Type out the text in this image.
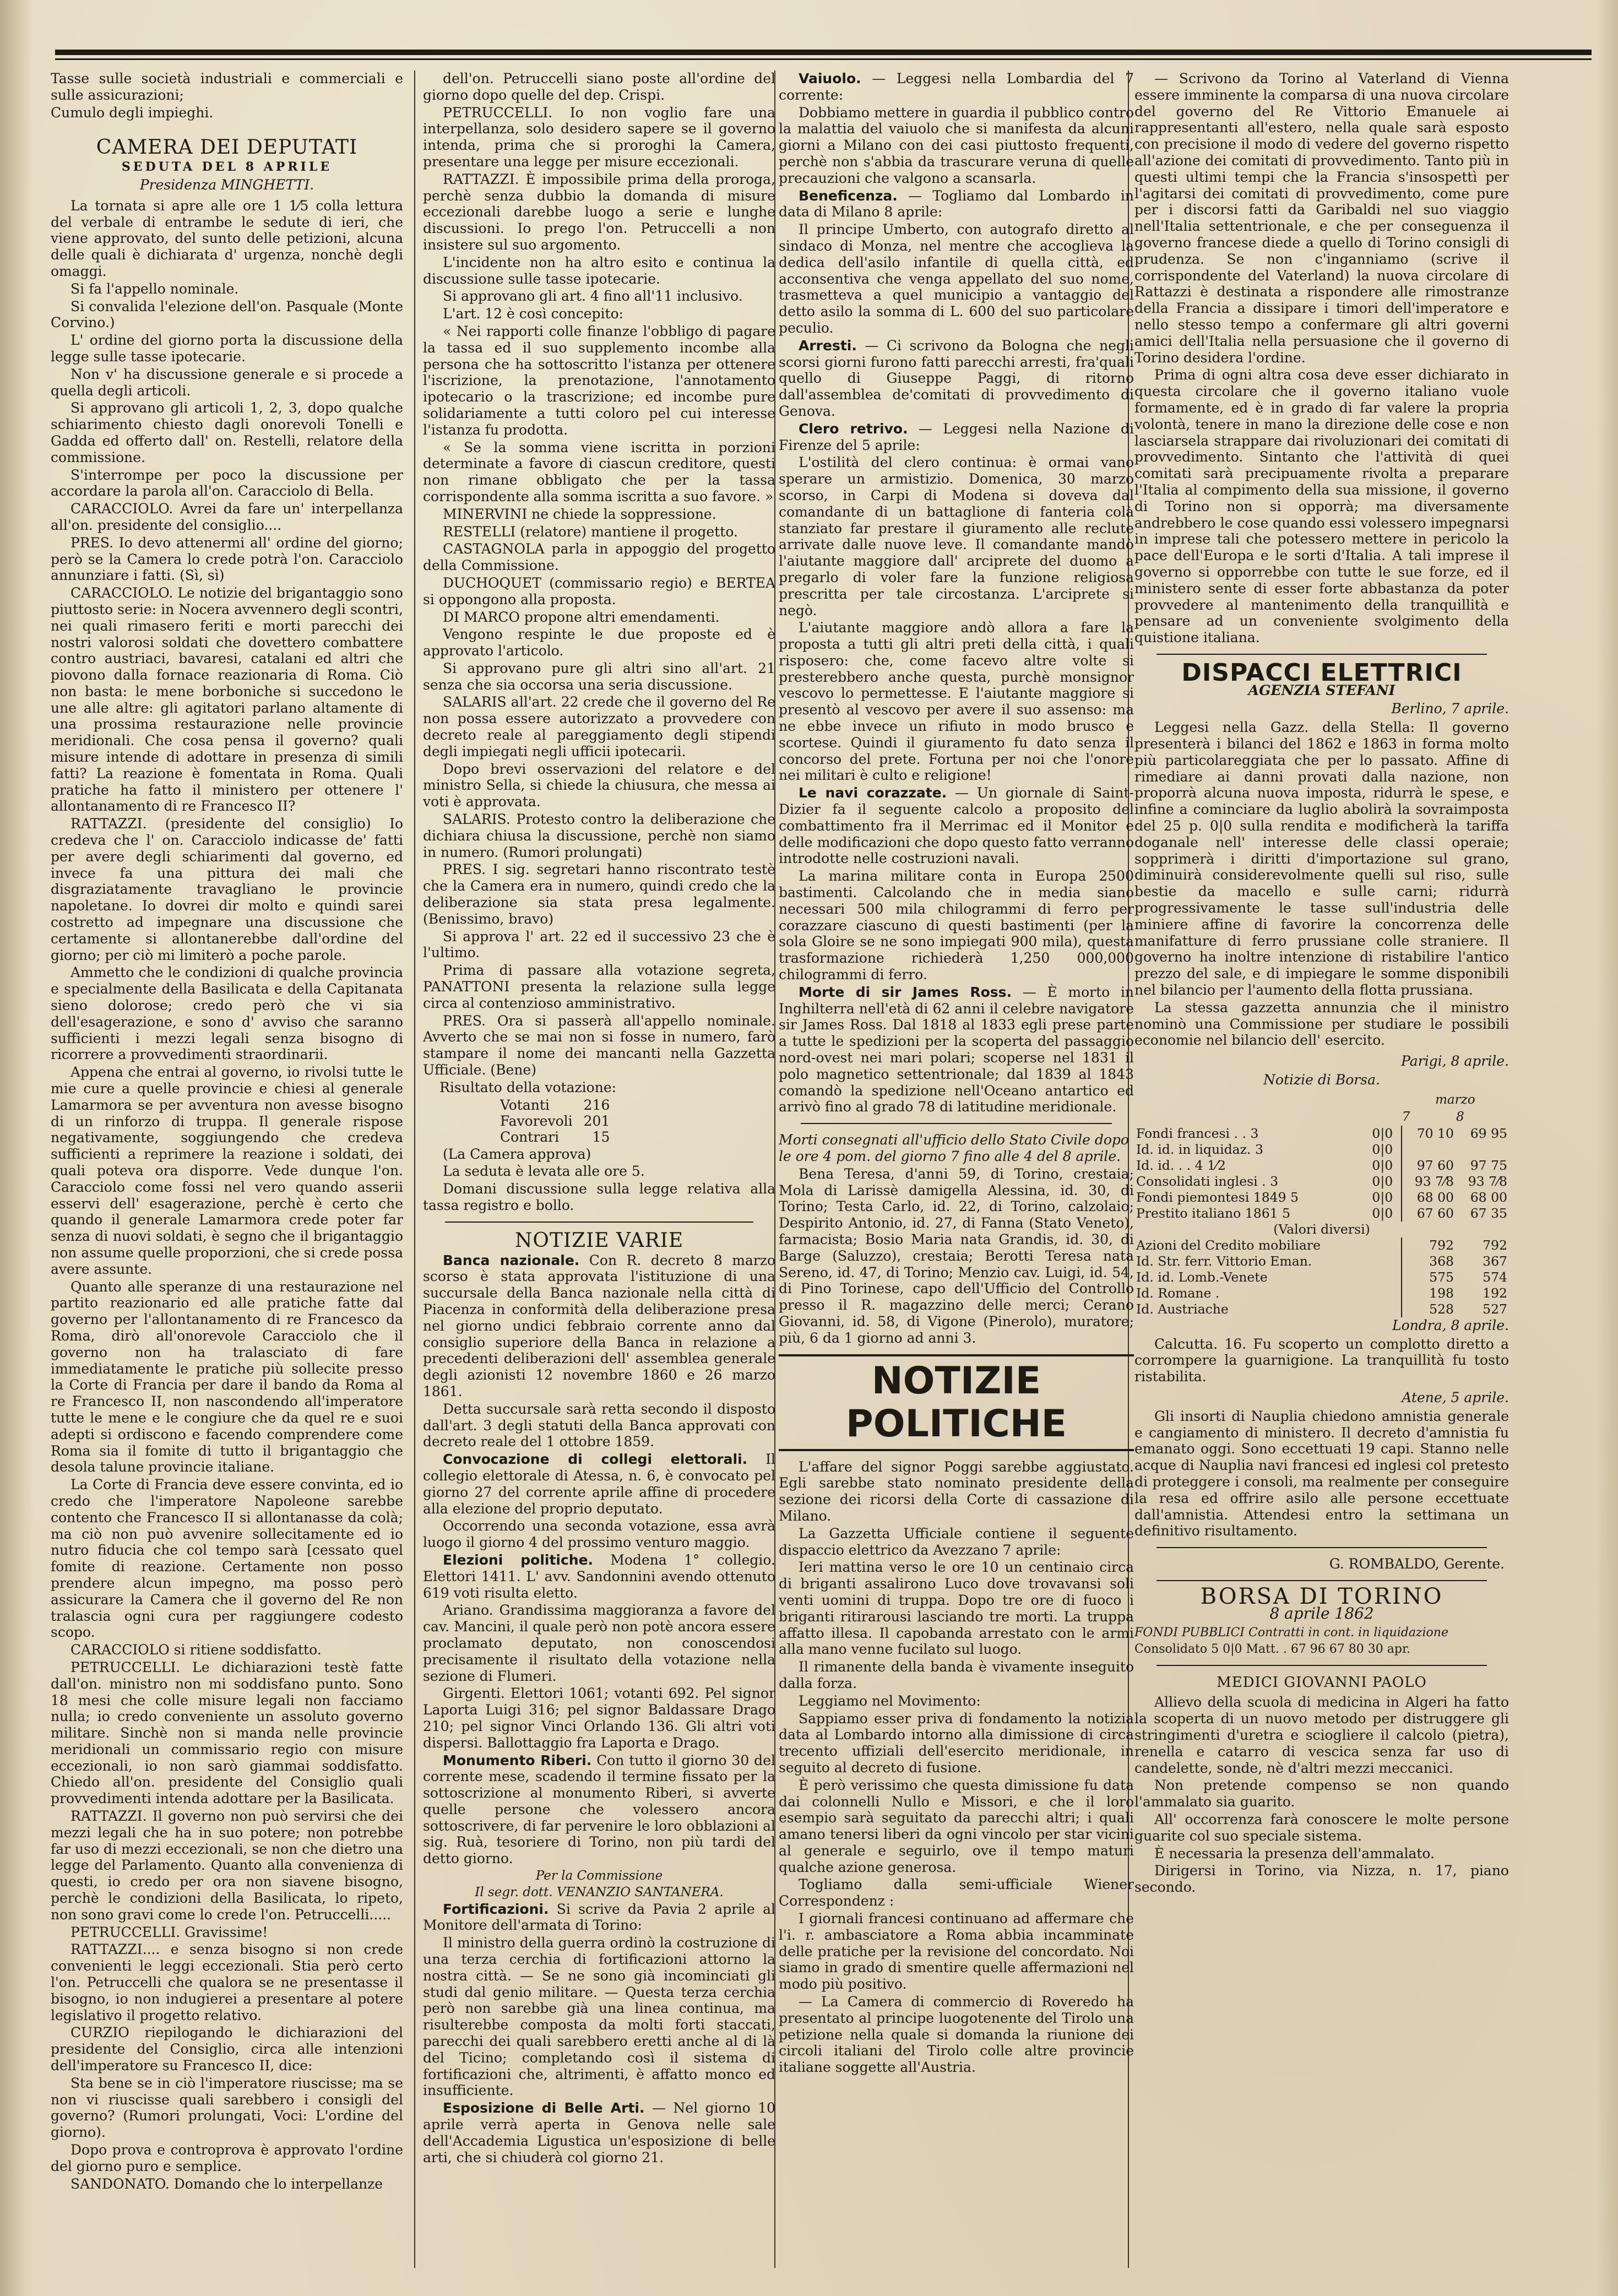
Tasse sulle società industriali e commerciali e sulle assicurazioni;

Cumulo degli impieghi.

CAMERA DEI DEPUTATI
SEDUTA DEL 8 APRILE
Presidenza MINGHETTI.

La tornata si apre alle ore 1 1⁄5 colla lettura del verbale di entrambe le sedute di ieri, che viene approvato, del sunto delle petizioni, alcuna delle quali è dichiarata d' urgenza, nonchè degli omaggi.

Si fa l'appello nominale.

Si convalida l'elezione dell'on. Pasquale (Monte Corvino.)

L' ordine del giorno porta la discussione della legge sulle tasse ipotecarie.

Non v' ha discussione generale e si procede a quella degli articoli.

Si approvano gli articoli 1, 2, 3, dopo qualche schiarimento chiesto dagli onorevoli Tonelli e Gadda ed offerto dall' on. Restelli, relatore della commissione.

S'interrompe per poco la discussione per accordare la parola all'on. Caracciolo di Bella.

CARACCIOLO. Avrei da fare un' interpellanza all'on. presidente del consiglio....

PRES. Io devo attenermi all' ordine del giorno; però se la Camera lo crede potrà l'on. Caracciolo annunziare i fatti. (Sì, sì)

CARACCIOLO. Le notizie del brigantaggio sono piuttosto serie: in Nocera avvennero degli scontri, nei quali rimasero feriti e morti parecchi dei nostri valorosi soldati che dovettero combattere contro austriaci, bavaresi, catalani ed altri che piovono dalla fornace reazionaria di Roma. Ciò non basta: le mene borboniche si succedono le une alle altre: gli agitatori parlano altamente di una prossima restaurazione nelle provincie meridionali. Che cosa pensa il governo? quali misure intende di adottare in presenza di simili fatti? La reazione è fomentata in Roma. Quali pratiche ha fatto il ministero per ottenere l' allontanamento di re Francesco II?

RATTAZZI. (presidente del consiglio) Io credeva che l' on. Caracciolo indicasse de' fatti per avere degli schiarimenti dal governo, ed invece fa una pittura dei mali che disgraziatamente travagliano le provincie napoletane. Io dovrei dir molto e quindi sarei costretto ad impegnare una discussione che certamente si allontanerebbe dall'ordine del giorno; per ciò mi limiterò a poche parole.

Ammetto che le condizioni di qualche provincia e specialmente della Basilicata e della Capitanata sieno dolorose; credo però che vi sia dell'esagerazione, e sono d' avviso che saranno sufficienti i mezzi legali senza bisogno di ricorrere a provvedimenti straordinarii.

Appena che entrai al governo, io rivolsi tutte le mie cure a quelle provincie e chiesi al generale Lamarmora se per avventura non avesse bisogno di un rinforzo di truppa. Il generale rispose negativamente, soggiungendo che credeva sufficienti a reprimere la reazione i soldati, dei quali poteva ora disporre. Vede dunque l'on. Caracciolo come fossi nel vero quando asserii esservi dell' esagerazione, perchè è certo che quando il generale Lamarmora crede poter far senza di nuovi soldati, è segno che il brigantaggio non assume quelle proporzioni, che si crede possa avere assunte.

Quanto alle speranze di una restaurazione nel partito reazionario ed alle pratiche fatte dal governo per l'allontanamento di re Francesco da Roma, dirò all'onorevole Caracciolo che il governo non ha tralasciato di fare immediatamente le pratiche più sollecite presso la Corte di Francia per dare il bando da Roma al re Francesco II, non nascondendo all'imperatore tutte le mene e le congiure che da quel re e suoi adepti si ordiscono e facendo comprendere come Roma sia il fomite di tutto il brigantaggio che desola talune provincie italiane.

La Corte di Francia deve essere convinta, ed io credo che l'imperatore Napoleone sarebbe contento che Francesco II si allontanasse da colà; ma ciò non può avvenire sollecitamente ed io nutro fiducia che col tempo sarà [cessato quel fomite di reazione. Certamente non posso prendere alcun impegno, ma posso però assicurare la Camera che il governo del Re non tralascia ogni cura per raggiungere codesto scopo.

CARACCIOLO si ritiene soddisfatto.

PETRUCCELLI. Le dichiarazioni testè fatte dall'on. ministro non mi soddisfano punto. Sono 18 mesi che colle misure legali non facciamo nulla; io credo conveniente un assoluto governo militare. Sinchè non si manda nelle provincie meridionali un commissario regio con misure eccezionali, io non sarò giammai soddisfatto. Chiedo all'on. presidente del Consiglio quali provvedimenti intenda adottare per la Basilicata.

RATTAZZI. Il governo non può servirsi che dei mezzi legali che ha in suo potere; non potrebbe far uso di mezzi eccezionali, se non che dietro una legge del Parlamento. Quanto alla convenienza di questi, io credo per ora non siavene bisogno, perchè le condizioni della Basilicata, lo ripeto, non sono gravi come lo crede l'on. Petruccelli.....

PETRUCCELLI. Gravissime!

RATTAZZI.... e senza bisogno si non crede convenienti le leggi eccezionali. Stia però certo l'on. Petruccelli che qualora se ne presentasse il bisogno, io non indugierei a presentare al potere legislativo il progetto relativo.

CURZIO riepilogando le dichiarazioni del presidente del Consiglio, circa alle intenzioni dell'imperatore su Francesco II, dice:

Sta bene se in ciò l'imperatore riuscisse; ma se non vi riuscisse quali sarebbero i consigli del governo? (Rumori prolungati, Voci: L'ordine del giorno).

Dopo prova e controprova è approvato l'ordine del giorno puro e semplice.

SANDONATO. Domando che lo interpellanze

dell'on. Petruccelli siano poste all'ordine del giorno dopo quelle del dep. Crispi.

PETRUCCELLI. Io non voglio fare una interpellanza, solo desidero sapere se il governo intenda, prima che si proroghi la Camera, presentare una legge per misure eccezionali.

RATTAZZI. È impossibile prima della proroga, perchè senza dubbio la domanda di misure eccezionali darebbe luogo a serie e lunghe discussioni. Io prego l'on. Petruccelli a non insistere sul suo argomento.

L'incidente non ha altro esito e continua la discussione sulle tasse ipotecarie.

Si approvano gli art. 4 fino all'11 inclusivo.

L'art. 12 è così concepito:

« Nei rapporti colle finanze l'obbligo di pagare la tassa ed il suo supplemento incombe alla persona che ha sottoscritto l'istanza per ottenere l'iscrizione, la prenotazione, l'annotamento ipotecario o la trascrizione; ed incombe pure solidariamente a tutti coloro pel cui interesse l'istanza fu prodotta.

« Se la somma viene iscritta in porzioni determinate a favore di ciascun creditore, questi non rimane obbligato che per la tassa corrispondente alla somma iscritta a suo favore. »

MINERVINI ne chiede la soppressione.

RESTELLI (relatore) mantiene il progetto.

CASTAGNOLA parla in appoggio del progetto della Commissione.

DUCHOQUET (commissario regio) e BERTEA si oppongono alla proposta.

DI MARCO propone altri emendamenti.

Vengono respinte le due proposte ed è approvato l'articolo.

Si approvano pure gli altri sino all'art. 21 senza che sia occorsa una seria discussione.

SALARIS all'art. 22 crede che il governo del Re non possa essere autorizzato a provvedere con decreto reale al pareggiamento degli stipendi degli impiegati negli ufficii ipotecarii.

Dopo brevi osservazioni del relatore e del ministro Sella, si chiede la chiusura, che messa ai voti è approvata.

SALARIS. Protesto contro la deliberazione che dichiara chiusa la discussione, perchè non siamo in numero. (Rumori prolungati)

PRES. I sig. segretari hanno riscontrato testè che la Camera era in numero, quindi credo che la deliberazione sia stata presa legalmente. (Benissimo, bravo)

Si approva l' art. 22 ed il successivo 23 che è l'ultimo.

Prima di passare alla votazione segreta, PANATTONI presenta la relazione sulla legge circa al contenzioso amministrativo.

PRES. Ora si passerà all'appello nominale. Avverto che se mai non si fosse in numero, farò stampare il nome dei mancanti nella Gazzetta Ufficiale. (Bene)

Risultato della votazione:

Votanti	216
Favorevoli	201
Contrari	15

(La Camera approva)

La seduta è levata alle ore 5.

Domani discussione sulla legge relativa alla tassa registro e bollo.

NOTIZIE VARIE

Banca nazionale. Con R. decreto 8 marzo scorso è stata approvata l'istituzione di una succursale della Banca nazionale nella città di Piacenza in conformità della deliberazione presa nel giorno undici febbraio corrente anno dal consiglio superiore della Banca in relazione a precedenti deliberazioni dell' assemblea generale degli azionisti 12 novembre 1860 e 26 marzo 1861.

Detta succursale sarà retta secondo il disposto dall'art. 3 degli statuti della Banca approvati con decreto reale del 1 ottobre 1859.

Convocazione di collegi elettorali. Il collegio elettorale di Atessa, n. 6, è convocato pel giorno 27 del corrente aprile affine di procedere alla elezione del proprio deputato.

Occorrendo una seconda votazione, essa avrà luogo il giorno 4 del prossimo venturo maggio.

Elezioni politiche. Modena 1° collegio. Elettori 1411. L' avv. Sandonnini avendo ottenuto 619 voti risulta eletto.

Ariano. Grandissima maggioranza a favore del cav. Mancini, il quale però non potè ancora essere proclamato deputato, non conoscendosi precisamente il risultato della votazione nella sezione di Flumeri.

Girgenti. Elettori 1061; votanti 692. Pel signor Laporta Luigi 316; pel signor Baldassare Drago 210; pel signor Vinci Orlando 136. Gli altri voti dispersi. Ballottaggio fra Laporta e Drago.

Monumento Riberi. Con tutto il giorno 30 del corrente mese, scadendo il termine fissato per la sottoscrizione al monumento Riberi, si avverte quelle persone che volessero ancora sottoscrivere, di far pervenire le loro obblazioni al sig. Ruà, tesoriere di Torino, non più tardi del detto giorno.

Per la Commissione
Il segr. dott. VENANZIO SANTANERA.

Fortificazioni. Si scrive da Pavia 2 aprile al Monitore dell'armata di Torino:

Il ministro della guerra ordinò la costruzione di una terza cerchia di fortificazioni attorno la nostra città. — Se ne sono già incominciati gli studi dal genio militare. — Questa terza cerchia però non sarebbe già una linea continua, ma risulterebbe composta da molti forti staccati, parecchi dei quali sarebbero eretti anche al di là del Ticino; completando così il sistema di fortificazioni che, altrimenti, è affatto monco ed insufficiente.

Esposizione di Belle Arti. — Nel giorno 10 aprile verrà aperta in Genova nelle sale dell'Accademia Ligustica un'esposizione di belle arti, che si chiuderà col giorno 21.

Vaiuolo. — Leggesi nella Lombardia del 7 corrente:

Dobbiamo mettere in guardia il pubblico contro la malattia del vaiuolo che si manifesta da alcuni giorni a Milano con dei casi piuttosto frequenti, perchè non s'abbia da trascurare veruna di quelle precauzioni che valgono a scansarla.

Beneficenza. — Togliamo dal Lombardo in data di Milano 8 aprile:

Il principe Umberto, con autografo diretto al sindaco di Monza, nel mentre che accoglieva la dedica dell'asilo infantile di quella città, ed acconsentiva che venga appellato del suo nome, trasmetteva a quel municipio a vantaggio del detto asilo la somma di L. 600 del suo particolare peculio.

Arresti. — Ci scrivono da Bologna che negli scorsi giorni furono fatti parecchi arresti, fra'quali quello di Giuseppe Paggi, di ritorno dall'assemblea de'comitati di provvedimento di Genova.

Clero retrivo. — Leggesi nella Nazione di Firenze del 5 aprile:

L'ostilità del clero continua: è ormai vano sperare un armistizio. Domenica, 30 marzo scorso, in Carpi di Modena si doveva dal comandante di un battaglione di fanteria colà stanziato far prestare il giuramento alle reclute arrivate dalle nuove leve. Il comandante mandò l'aiutante maggiore dall' arciprete del duomo a pregarlo di voler fare la funzione religiosa prescritta per tale circostanza. L'arciprete si negò.

L'aiutante maggiore andò allora a fare la proposta a tutti gli altri preti della città, i quali risposero: che, come facevo altre volte si presterebbero anche questa, purchè monsignor vescovo lo permettesse. E l'aiutante maggiore si presentò al vescovo per avere il suo assenso: ma ne ebbe invece un rifiuto in modo brusco e scortese. Quindi il giuramento fu dato senza il concorso del prete. Fortuna per noi che l'onore nei militari è culto e religione!

Le navi corazzate. — Un giornale di Saint-Dizier fa il seguente calcolo a proposito del combattimento fra il Merrimac ed il Monitor e delle modificazioni che dopo questo fatto verranno introdotte nelle costruzioni navali.

La marina militare conta in Europa 2500 bastimenti. Calcolando che in media siano necessari 500 mila chilogrammi di ferro per corazzare ciascuno di questi bastimenti (per la sola Gloire se ne sono impiegati 900 mila), questa trasformazione richiederà 1,250 000,000 chilogrammi di ferro.

Morte di sir James Ross. — È morto in Inghilterra nell'età di 62 anni il celebre navigatore sir James Ross. Dal 1818 al 1833 egli prese parte a tutte le spedizioni per la scoperta del passaggio nord-ovest nei mari polari; scoperse nel 1831 il polo magnetico settentrionale; dal 1839 al 1843 comandò la spedizione nell'Oceano antartico ed arrivò fino al grado 78 di latitudine meridionale.

Morti consegnati all'ufficio dello Stato Civile dopo le ore 4 pom. del giorno 7 fino alle 4 del 8 aprile.

Bena Teresa, d'anni 59, di Torino, crestaia; Mola di Larissè damigella Alessina, id. 30, di Torino; Testa Carlo, id. 22, di Torino, calzolaio; Despirito Antonio, id. 27, di Fanna (Stato Veneto), farmacista; Bosio Maria nata Grandis, id. 30, di Barge (Saluzzo), crestaia; Berotti Teresa nata Sereno, id. 47, di Torino; Menzio cav. Luigi, id. 54, di Pino Torinese, capo dell'Ufficio del Controllo presso il R. magazzino delle merci; Cerano Giovanni, id. 58, di Vigone (Pinerolo), muratore; più, 6 da 1 giorno ad anni 3.

NOTIZIE POLITICHE

L'affare del signor Poggi sarebbe aggiustato. Egli sarebbe stato nominato presidente della sezione dei ricorsi della Corte di cassazione di Milano.

La Gazzetta Ufficiale contiene il seguente dispaccio elettrico da Avezzano 7 aprile:

Ieri mattina verso le ore 10 un centinaio circa di briganti assalirono Luco dove trovavansi soli venti uomini di truppa. Dopo tre ore di fuoco i briganti ritirarousi lasciando tre morti. La truppa affatto illesa. Il capobanda arrestato con le armi alla mano venne fucilato sul luogo.

Il rimanente della banda è vivamente inseguito dalla forza.

Leggiamo nel Movimento:

Sappiamo esser priva di fondamento la notizia data al Lombardo intorno alla dimissione di circa trecento uffiziali dell'esercito meridionale, in seguito al decreto di fusione.

È però verissimo che questa dimissione fu data dai colonnelli Nullo e Missori, e che il loro esempio sarà seguitato da parecchi altri; i quali amano tenersi liberi da ogni vincolo per star vicini al generale e seguirlo, ove il tempo maturi qualche azione generosa.

Togliamo dalla semi-ufficiale Wiener Correspondenz :

I giornali francesi continuano ad affermare che l'i. r. ambasciatore a Roma abbia incamminate delle pratiche per la revisione del concordato. Noi siamo in grado di smentire quelle affermazioni nel modo più positivo.

— La Camera di commercio di Roveredo ha presentato al principe luogotenente del Tirolo una petizione nella quale si domanda la riunione dei circoli italiani del Tirolo colle altre provincie italiane soggette all'Austria.

— Scrivono da Torino al Vaterland di Vienna essere imminente la comparsa di una nuova circolare del governo del Re Vittorio Emanuele ai rappresentanti all'estero, nella quale sarà esposto con precisione il modo di vedere del governo rispetto all'azione dei comitati di provvedimento. Tanto più in questi ultimi tempi che la Francia s'insospettì per l'agitarsi dei comitati di provvedimento, come pure per i discorsi fatti da Garibaldi nel suo viaggio nell'Italia settentrionale, e che per conseguenza il governo francese diede a quello di Torino consigli di prudenza. Se non c'inganniamo (scrive il corrispondente del Vaterland) la nuova circolare di Rattazzi è destinata a rispondere alle rimostranze della Francia a dissipare i timori dell'imperatore e nello stesso tempo a confermare gli altri governi amici dell'Italia nella persuasione che il governo di Torino desidera l'ordine.

Prima di ogni altra cosa deve esser dichiarato in questa circolare che il governo italiano vuole formamente, ed è in grado di far valere la propria volontà, tenere in mano la direzione delle cose e non lasciarsela strappare dai rivoluzionari dei comitati di provvedimento. Sintanto che l'attività di quei comitati sarà precipuamente rivolta a preparare l'Italia al compimento della sua missione, il governo di Torino non si opporrà; ma diversamente andrebbero le cose quando essi volessero impegnarsi in imprese tali che potessero mettere in pericolo la pace dell'Europa e le sorti d'Italia. A tali imprese il governo si opporrebbe con tutte le sue forze, ed il ministero sente di esser forte abbastanza da poter provvedere al mantenimento della tranquillità e pensare ad un conveniente svolgimento della quistione italiana.

DISPACCI ELETTRICI
AGENZIA STEFANI
Berlino, 7 aprile.

Leggesi nella Gazz. della Stella: Il governo presenterà i bilanci del 1862 e 1863 in forma molto più particolareggiata che per lo passato. Affine di rimediare ai danni provati dalla nazione, non proporrà alcuna nuova imposta, ridurrà le spese, e infine a cominciare da luglio abolirà la sovraimposta del 25 p. 0|0 sulla rendita e modificherà la tariffa doganale nell' interesse delle classi operaie; sopprimerà i diritti d'importazione sul grano, diminuirà considerevolmente quelli sul riso, sulle bestie da macello e sulle carni; ridurrà progressivamente le tasse sull'industria delle miniere affine di favorire la concorrenza delle manifatture di ferro prussiane colle straniere. Il governo ha inoltre intenzione di ristabilire l'antico prezzo del sale, e di impiegare le somme disponibili nel bilancio per l'aumento della flotta prussiana.

La stessa gazzetta annunzia che il ministro nominò una Commissione per studiare le possibili economie nel bilancio dell' esercito.

Parigi, 8 aprile.
Notizie di Borsa.
		marzo	
		7	8
Fondi francesi . . 3	0|0	70 10	69 95
Id. id. in liquidaz. 3	0|0		
Id. id. . . 4 1⁄2	0|0	97 60	97 75
Consolidati inglesi . 3	0|0	93 7⁄8	93 7⁄8
Fondi piemontesi 1849 5	0|0	68 00	68 00
Prestito italiano 1861 5	0|0	67 60	67 35
(Valori diversi)			
Azioni del Credito mobiliare		792	792
Id. Str. ferr. Vittorio Eman.		368	367
Id. id. Lomb.-Venete		575	574
Id. Romane .		198	192
Id. Austriache		528	527
Londra, 8 aprile.

Calcutta. 16. Fu scoperto un complotto diretto a corrompere la guarnigione. La tranquillità fu tosto ristabilita.

Atene, 5 aprile.

Gli insorti di Nauplia chiedono amnistia generale e cangiamento di ministero. Il decreto d'amnistia fu emanato oggi. Sono eccettuati 19 capi. Stanno nelle acque di Nauplia navi francesi ed inglesi col pretesto di proteggere i consoli, ma realmente per conseguire la resa ed offrire asilo alle persone eccettuate dall'amnistia. Attendesi entro la settimana un definitivo risultamento.

G. ROMBALDO, Gerente.
BORSA DI TORINO
8 aprile 1862

FONDI PUBBLICI Contratti in cont. in liquidazione

Consolidato 5 0|0 Matt. . 67 96 67 80 30 apr.

MEDICI GIOVANNI PAOLO

Allievo della scuola di medicina in Algeri ha fatto la scoperta di un nuovo metodo per distruggere gli stringimenti d'uretra e sciogliere il calcolo (pietra), renella e catarro di vescica senza far uso di candelette, sonde, nè d'altri mezzi meccanici.

Non pretende compenso se non quando l'ammalato sia guarito.

All' occorrenza farà conoscere le molte persone guarite col suo speciale sistema.

È necessaria la presenza dell'ammalato.

Dirigersi in Torino, via Nizza, n. 17, piano secondo.
